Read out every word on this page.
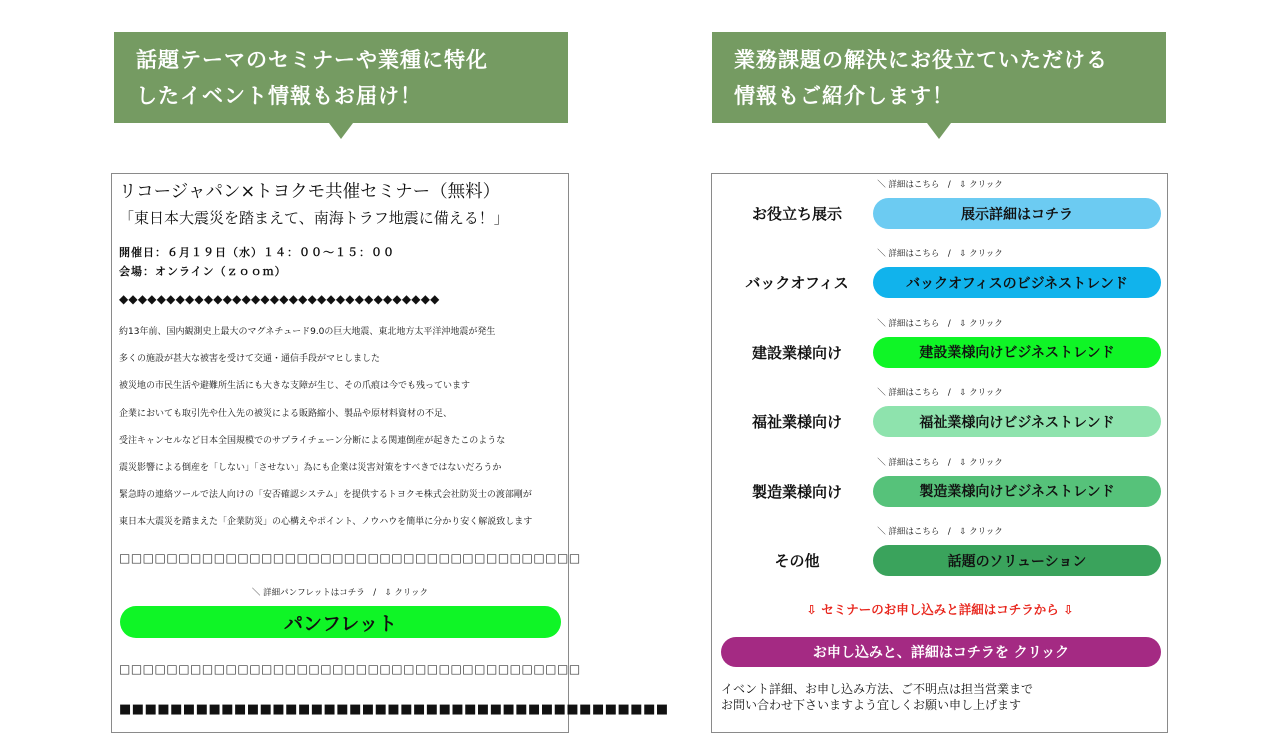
話題テーマのセミナーや業種に特化
したイベント情報もお届け！
業務課題の解決にお役立ていただける
情報もご紹介します！
リコージャパン×トヨクモ共催セミナー（無料）
「東日本大震災を踏まえて、南海トラフ地震に備える！」
開催日：６月１９日（水）１４：００〜１５：００
会場：オンライン（ｚｏｏｍ）
◆◆◆◆◆◆◆◆◆◆◆◆◆◆◆◆◆◆◆◆◆◆◆◆◆◆◆◆◆◆◆◆◆◆
約13年前、国内観測史上最大のマグネチュード9.0の巨大地震、東北地方太平洋沖地震が発生
多くの施設が甚大な被害を受けて交通・通信手段がマヒしました
被災地の市民生活や避難所生活にも大きな支障が生じ、その爪痕は今でも残っています
企業においても取引先や仕入先の被災による販路縮小、製品や原材料資材の不足、
受注キャンセルなど日本全国規模でのサプライチェーン分断による関連倒産が起きたこのような
震災影響による倒産を「しない」「させない」為にも企業は災害対策をすべきではないだろうか
緊急時の連絡ツールで法人向けの「安否確認システム」を提供するトヨクモ株式会社防災士の渡部剛が
東日本大震災を踏まえた「企業防災」の心構えやポイント、ノウハウを簡単に分かり安く解説致します
□□□□□□□□□□□□□□□□□□□□□□□□□□□□□□□□□□□□□□□
＼ 詳細パンフレットはコチラ　/　⇩ クリック
パンフレット
□□□□□□□□□□□□□□□□□□□□□□□□□□□□□□□□□□□□□□□
■■■■■■■■■■■■■■■■■■■■■■■■■■■■■■■■■■■■■■■■■■■
＼ 詳細はこちら　/　⇩ クリック
お役立ち展示	展示詳細はコチラ
＼ 詳細はこちら　/　⇩ クリック
バックオフィス	バックオフィスのビジネストレンド
＼ 詳細はこちら　/　⇩ クリック
建設業様向け	建設業様向けビジネストレンド
＼ 詳細はこちら　/　⇩ クリック
福祉業様向け	福祉業様向けビジネストレンド
＼ 詳細はこちら　/　⇩ クリック
製造業様向け	製造業様向けビジネストレンド
＼ 詳細はこちら　/　⇩ クリック
その他	話題のソリューション
⇩ セミナーのお申し込みと詳細はコチラから ⇩
お申し込みと、詳細はコチラを クリック
イベント詳細、お申し込み方法、ご不明点は担当営業まで
お問い合わせ下さいますよう宜しくお願い申し上げます
